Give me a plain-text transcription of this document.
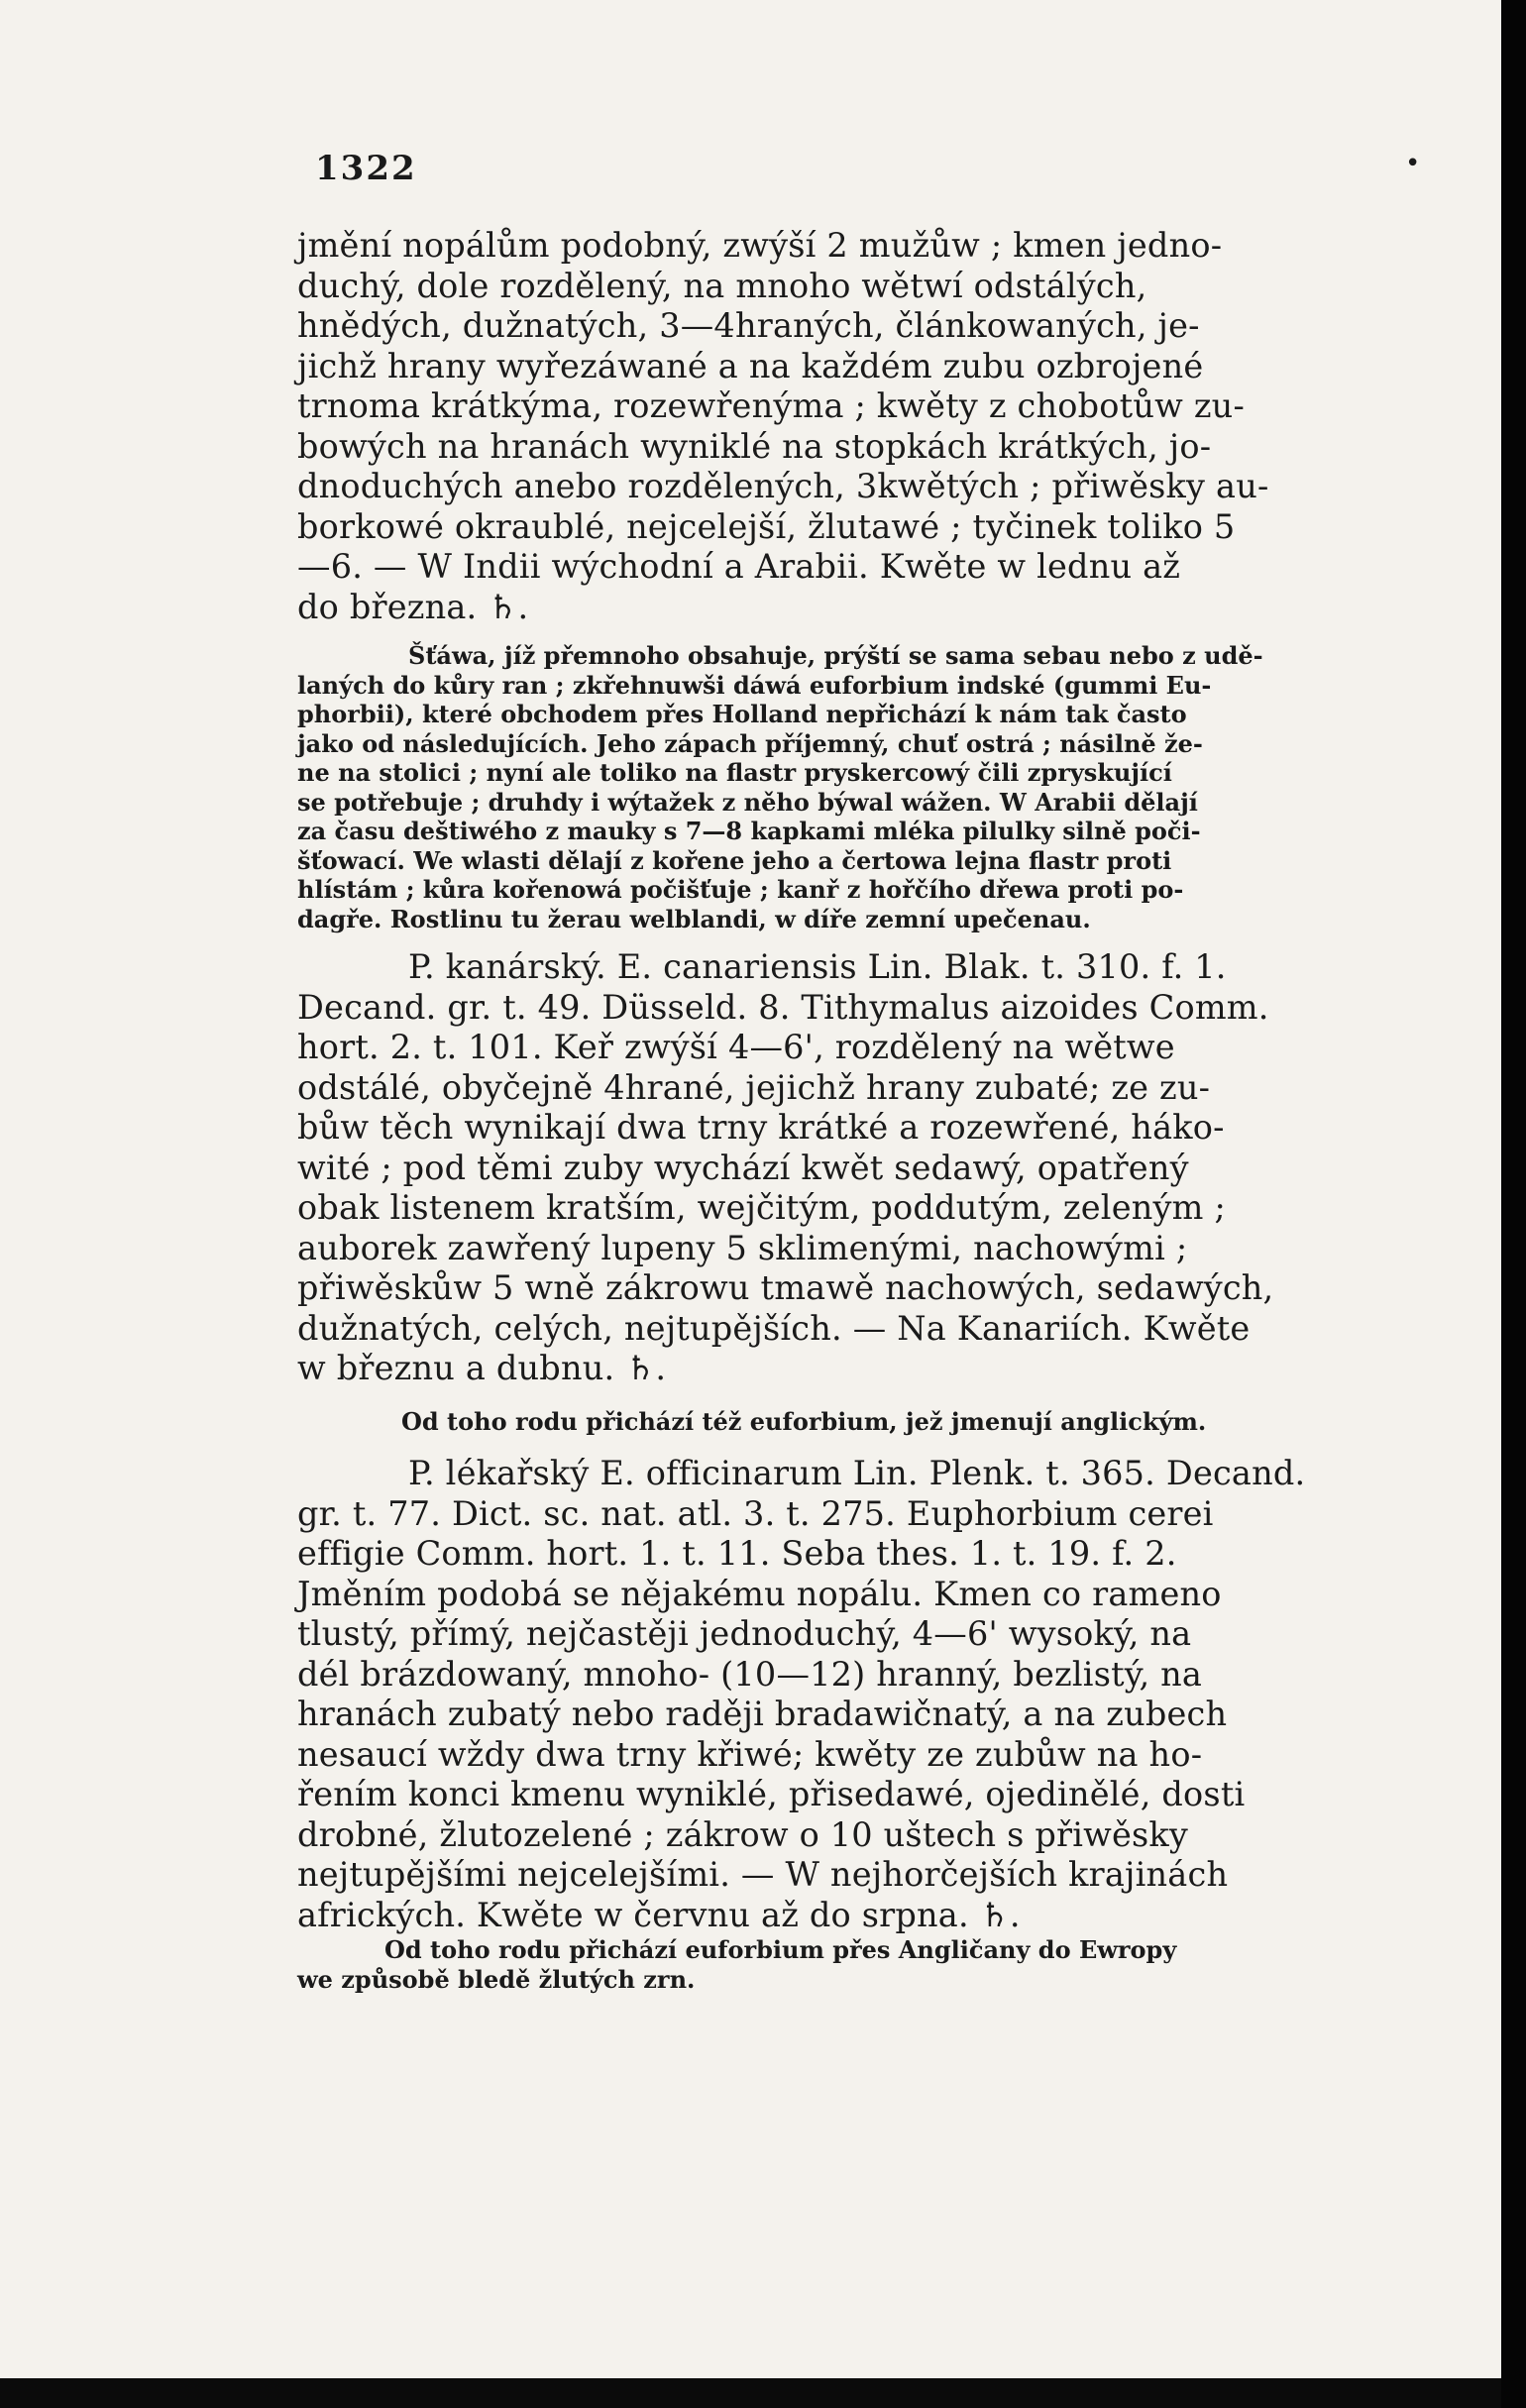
1322	•

jmění nopálům podobný, zwýší 2 mužůw ; kmen jedno-

duchý, dole rozdělený, na mnoho wětwí odstálých,

hnědých, dužnatých, 3—4hraných, článkowaných, je-

jichž hrany wyřezáwané a na každém zubu ozbrojené

trnoma krátkýma, rozewřenýma ; kwěty z chobotůw zu-

bowých na hranách wyniklé na stopkách krátkých, jo-

dnoduchých anebo rozdělených, 3kwětých ; přiwěsky au-

borkowé okraublé, nejcelejší, žlutawé ; tyčinek toliko 5

—6. — W Indii wýchodní a Arabii. Kwěte w lednu až

do března. ♄.

Šťáwa, jíž přemnoho obsahuje, prýští se sama sebau nebo z udě-

laných do kůry ran ; zkřehnuwši dáwá euforbium indské (gummi Eu-

phorbii), které obchodem přes Holland nepřichází k nám tak často

jako od následujících. Jeho zápach příjemný, chuť ostrá ; násilně že-

ne na stolici ; nyní ale toliko na flastr pryskercowý čili zpryskující

se potřebuje ; druhdy i wýtažek z něho býwal wážen. W Arabii dělají

za času deštiwého z mauky s 7—8 kapkami mléka pilulky silně poči-

šťowací. We wlasti dělají z kořene jeho a čertowa lejna flastr proti

hlístám ; kůra kořenowá počišťuje ; kanř z hořčího dřewa proti po-

dagře. Rostlinu tu žerau welblandi, w díře zemní upečenau.

P. kanárský. E. canariensis Lin. Blak. t. 310. f. 1.

Decand. gr. t. 49. Düsseld. 8. Tithymalus aizoides Comm.

hort. 2. t. 101. Keř zwýší 4—6', rozdělený na wětwe

odstálé, obyčejně 4hrané, jejichž hrany zubaté; ze zu-

bůw těch wynikají dwa trny krátké a rozewřené, háko-

wité ; pod těmi zuby wychází kwět sedawý, opatřený

obak listenem kratším, wejčitým, poddutým, zeleným ;

auborek zawřený lupeny 5 sklimenými, nachowými ;

přiwěskůw 5 wně zákrowu tmawě nachowých, sedawých,

dužnatých, celých, nejtupějších. — Na Kanariích. Kwěte

w březnu a dubnu. ♄.

Od toho rodu přichází též euforbium, jež jmenují anglickým.

P. lékařský E. officinarum Lin. Plenk. t. 365. Decand.

gr. t. 77. Dict. sc. nat. atl. 3. t. 275. Euphorbium cerei

effigie Comm. hort. 1. t. 11. Seba thes. 1. t. 19. f. 2.

Jměním podobá se nějakému nopálu. Kmen co rameno

tlustý, přímý, nejčastěji jednoduchý, 4—6' wysoký, na

dél brázdowaný, mnoho- (10—12) hranný, bezlistý, na

hranách zubatý nebo raději bradawičnatý, a na zubech

nesaucí wždy dwa trny křiwé; kwěty ze zubůw na ho-

řením konci kmenu wyniklé, přisedawé, ojedinělé, dosti

drobné, žlutozelené ; zákrow o 10 uštech s přiwěsky

nejtupějšími nejcelejšími. — W nejhorčejších krajinách

afrických. Kwěte w červnu až do srpna. ♄.

Od toho rodu přichází euforbium přes Angličany do Ewropy

we způsobě bledě žlutých zrn.
